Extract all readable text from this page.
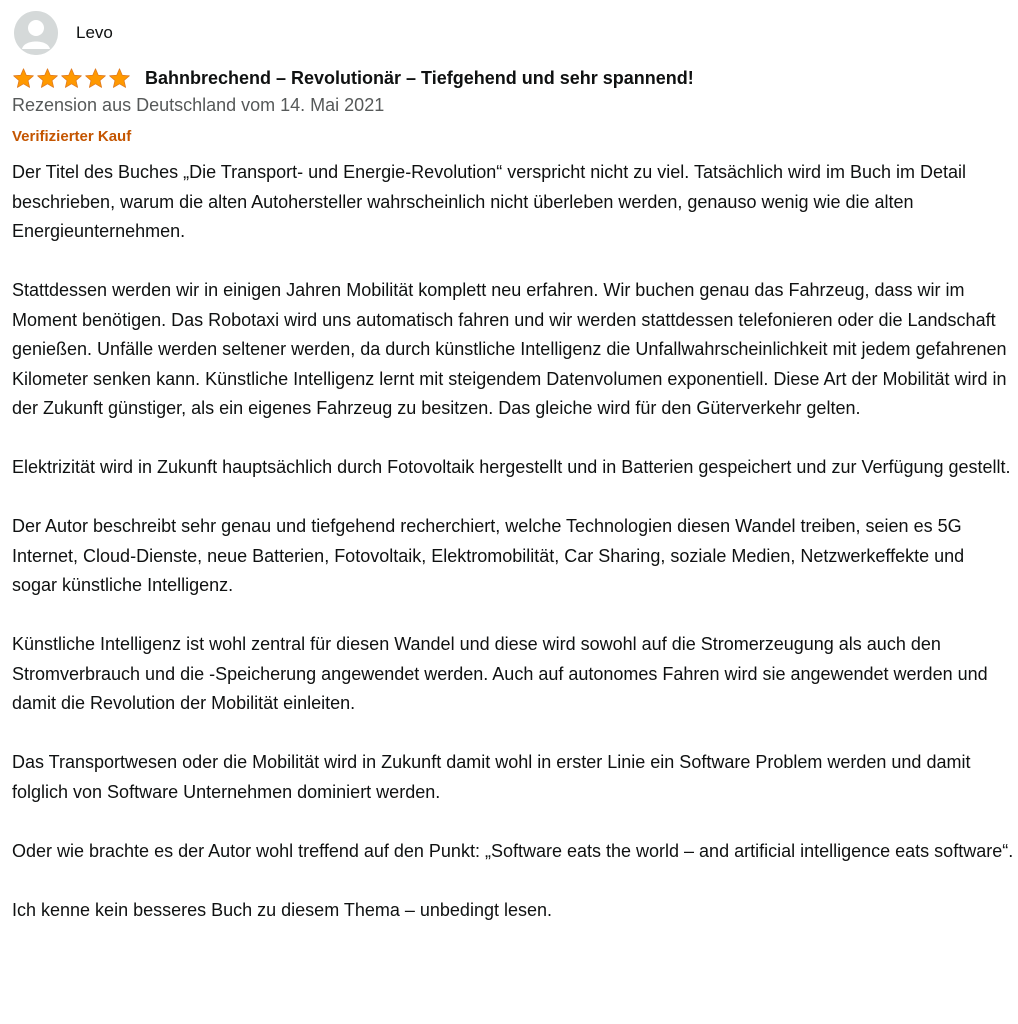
Levo
Bahnbrechend – Revolutionär – Tiefgehend und sehr spannend!
Rezension aus Deutschland vom 14. Mai 2021
Verifizierter Kauf

Der Titel des Buches „Die Transport- und Energie-Revolution“ verspricht nicht zu viel. Tatsächlich wird im Buch im Detail beschrieben, warum die alten Autohersteller wahrscheinlich nicht überleben werden, genauso wenig wie die alten Energieunternehmen.

Stattdessen werden wir in einigen Jahren Mobilität komplett neu erfahren. Wir buchen genau das Fahrzeug, dass wir im Moment benötigen. Das Robotaxi wird uns automatisch fahren und wir werden stattdessen telefonieren oder die Landschaft genießen. Unfälle werden seltener werden, da durch künstliche Intelligenz die Unfallwahrscheinlichkeit mit jedem gefahrenen Kilometer senken kann. Künstliche Intelligenz lernt mit steigendem Datenvolumen exponentiell. Diese Art der Mobilität wird in der Zukunft günstiger, als ein eigenes Fahrzeug zu besitzen. Das gleiche wird für den Güterverkehr gelten.

Elektrizität wird in Zukunft hauptsächlich durch Fotovoltaik hergestellt und in Batterien gespeichert und zur Verfügung gestellt.

Der Autor beschreibt sehr genau und tiefgehend recherchiert, welche Technologien diesen Wandel treiben, seien es 5G Internet, Cloud-Dienste, neue Batterien, Fotovoltaik, Elektromobilität, Car Sharing, soziale Medien, Netzwerkeffekte und sogar künstliche Intelligenz.

Künstliche Intelligenz ist wohl zentral für diesen Wandel und diese wird sowohl auf die Stromerzeugung als auch den Stromverbrauch und die -Speicherung angewendet werden. Auch auf autonomes Fahren wird sie angewendet werden und damit die Revolution der Mobilität einleiten.

Das Transportwesen oder die Mobilität wird in Zukunft damit wohl in erster Linie ein Software Problem werden und damit folglich von Software Unternehmen dominiert werden.

Oder wie brachte es der Autor wohl treffend auf den Punkt: „Software eats the world – and artificial intelligence eats software“.

Ich kenne kein besseres Buch zu diesem Thema – unbedingt lesen.
